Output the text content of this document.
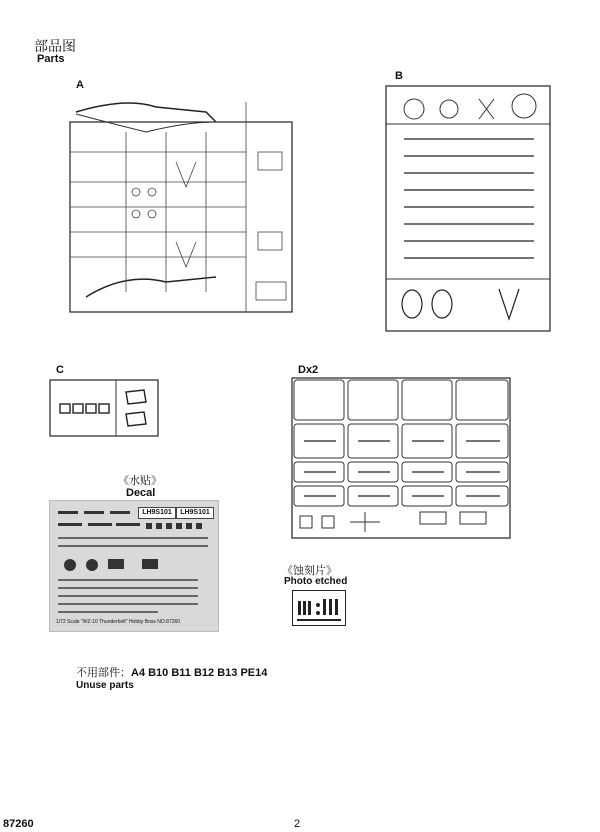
部品图
Parts
A
B
C	Dx2
《水贴》
Decal
LH9S101	LH9S101
1/72 Scale "WZ-10 Thunderbolt" Hobby Boss NO.87260
不用部件：A4 B10 B11 B12 B13 PE14
Unuse parts
《蚀刻片》
Photo etched
87260	2
